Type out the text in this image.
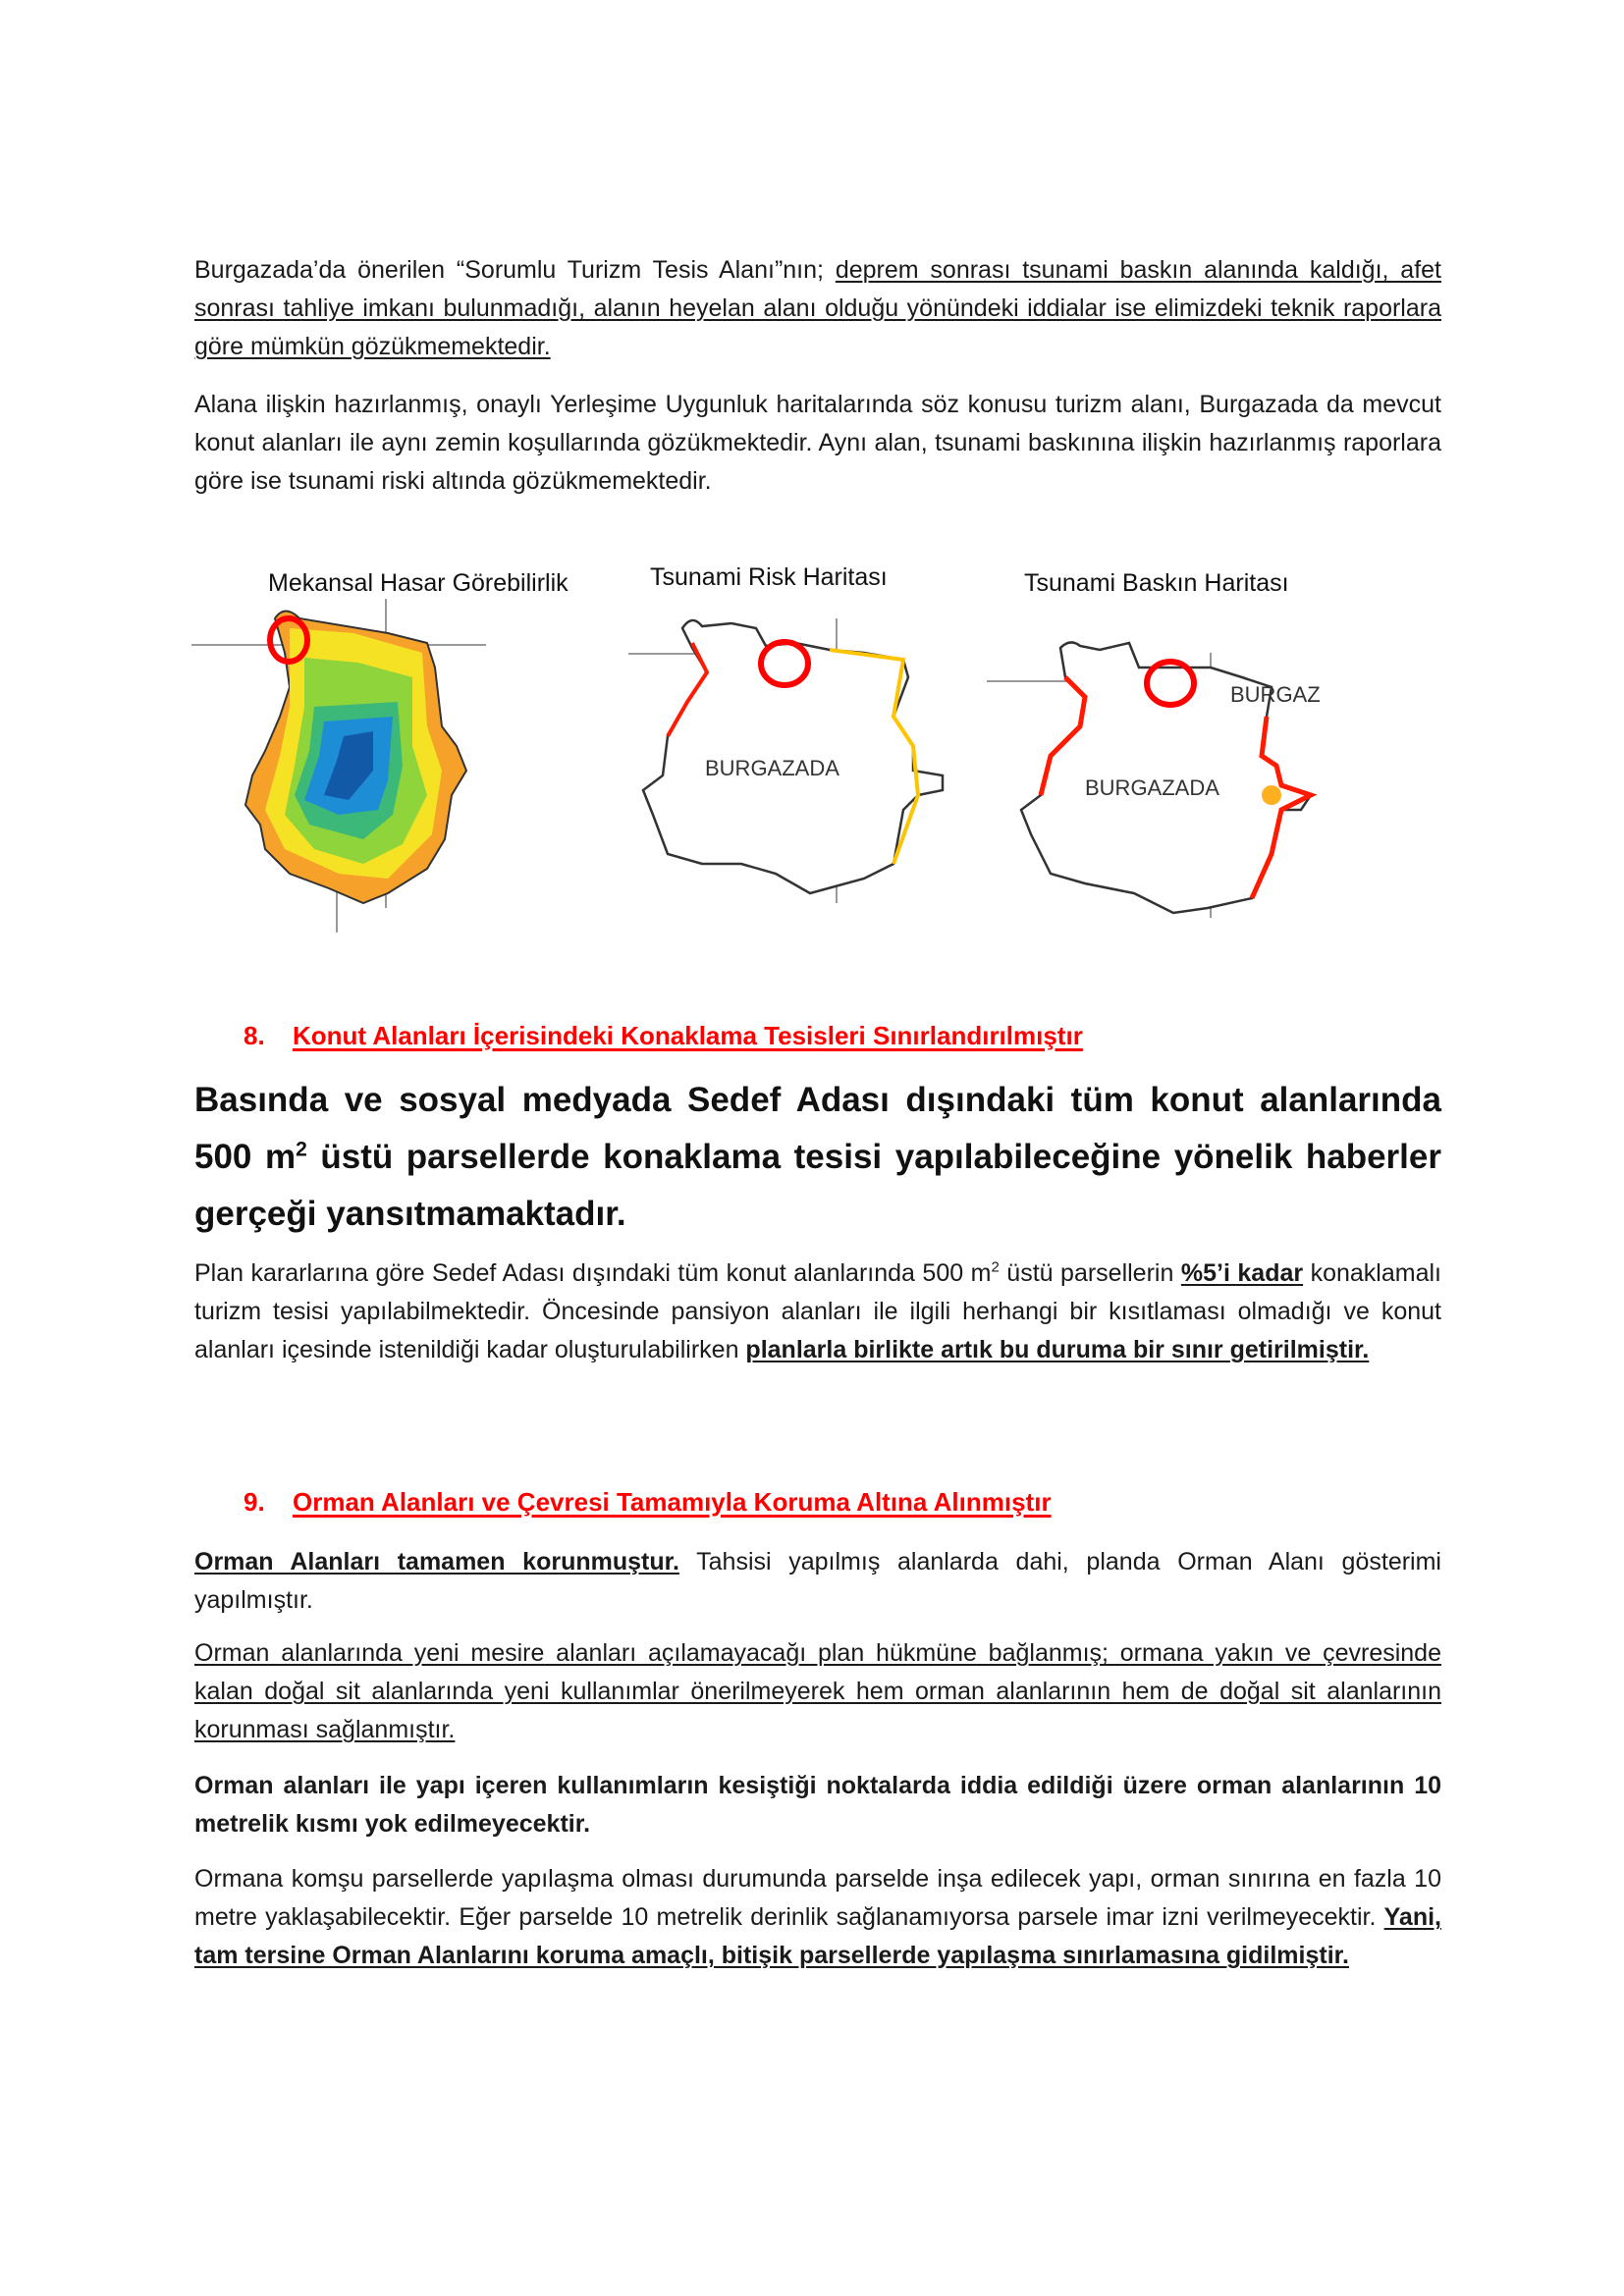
Burgazada’da önerilen “Sorumlu Turizm Tesis Alanı”nın; deprem sonrası tsunami baskın alanında kaldığı, afet sonrası tahliye imkanı bulunmadığı, alanın heyelan alanı olduğu yönündeki iddialar ise elimizdeki teknik raporlara göre mümkün gözükmemektedir.

Alana ilişkin hazırlanmış, onaylı Yerleşime Uygunluk haritalarında söz konusu turizm alanı, Burgazada da mevcut konut alanları ile aynı zemin koşullarında gözükmektedir. Aynı alan, tsunami baskınına ilişkin hazırlanmış raporlara göre ise tsunami riski altında gözükmemektedir.

Mekansal Hasar Görebilirlik	Tsunami Risk Haritası	Tsunami Baskın Haritası
BURGAZADA
BURGAZ
BURGAZADA
8. Konut Alanları İçerisindeki Konaklama Tesisleri Sınırlandırılmıştır

Basında ve sosyal medyada Sedef Adası dışındaki tüm konut alanlarında 500 $m^2$ üstü parsellerde konaklama tesisi yapılabileceğine yönelik haberler gerçeği yansıtmamaktadır.

Plan kararlarına göre Sedef Adası dışındaki tüm konut alanlarında 500 $m^2$ üstü parsellerin %5’i kadar konaklamalı turizm tesisi yapılabilmektedir. Öncesinde pansiyon alanları ile ilgili herhangi bir kısıtlaması olmadığı ve konut alanları içesinde istenildiği kadar oluşturulabilirken planlarla birlikte artık bu duruma bir sınır getirilmiştir.

9. Orman Alanları ve Çevresi Tamamıyla Koruma Altına Alınmıştır

Orman Alanları tamamen korunmuştur. Tahsisi yapılmış alanlarda dahi, planda Orman Alanı gösterimi yapılmıştır.

Orman alanlarında yeni mesire alanları açılamayacağı plan hükmüne bağlanmış; ormana yakın ve çevresinde kalan doğal sit alanlarında yeni kullanımlar önerilmeyerek hem orman alanlarının hem de doğal sit alanlarının korunması sağlanmıştır.

Orman alanları ile yapı içeren kullanımların kesiştiği noktalarda iddia edildiği üzere orman alanlarının 10 metrelik kısmı yok edilmeyecektir.

Ormana komşu parsellerde yapılaşma olması durumunda parselde inşa edilecek yapı, orman sınırına en fazla 10 metre yaklaşabilecektir. Eğer parselde 10 metrelik derinlik sağlanamıyorsa parsele imar izni verilmeyecektir. Yani, tam tersine Orman Alanlarını koruma amaçlı, bitişik parsellerde yapılaşma sınırlamasına gidilmiştir.
